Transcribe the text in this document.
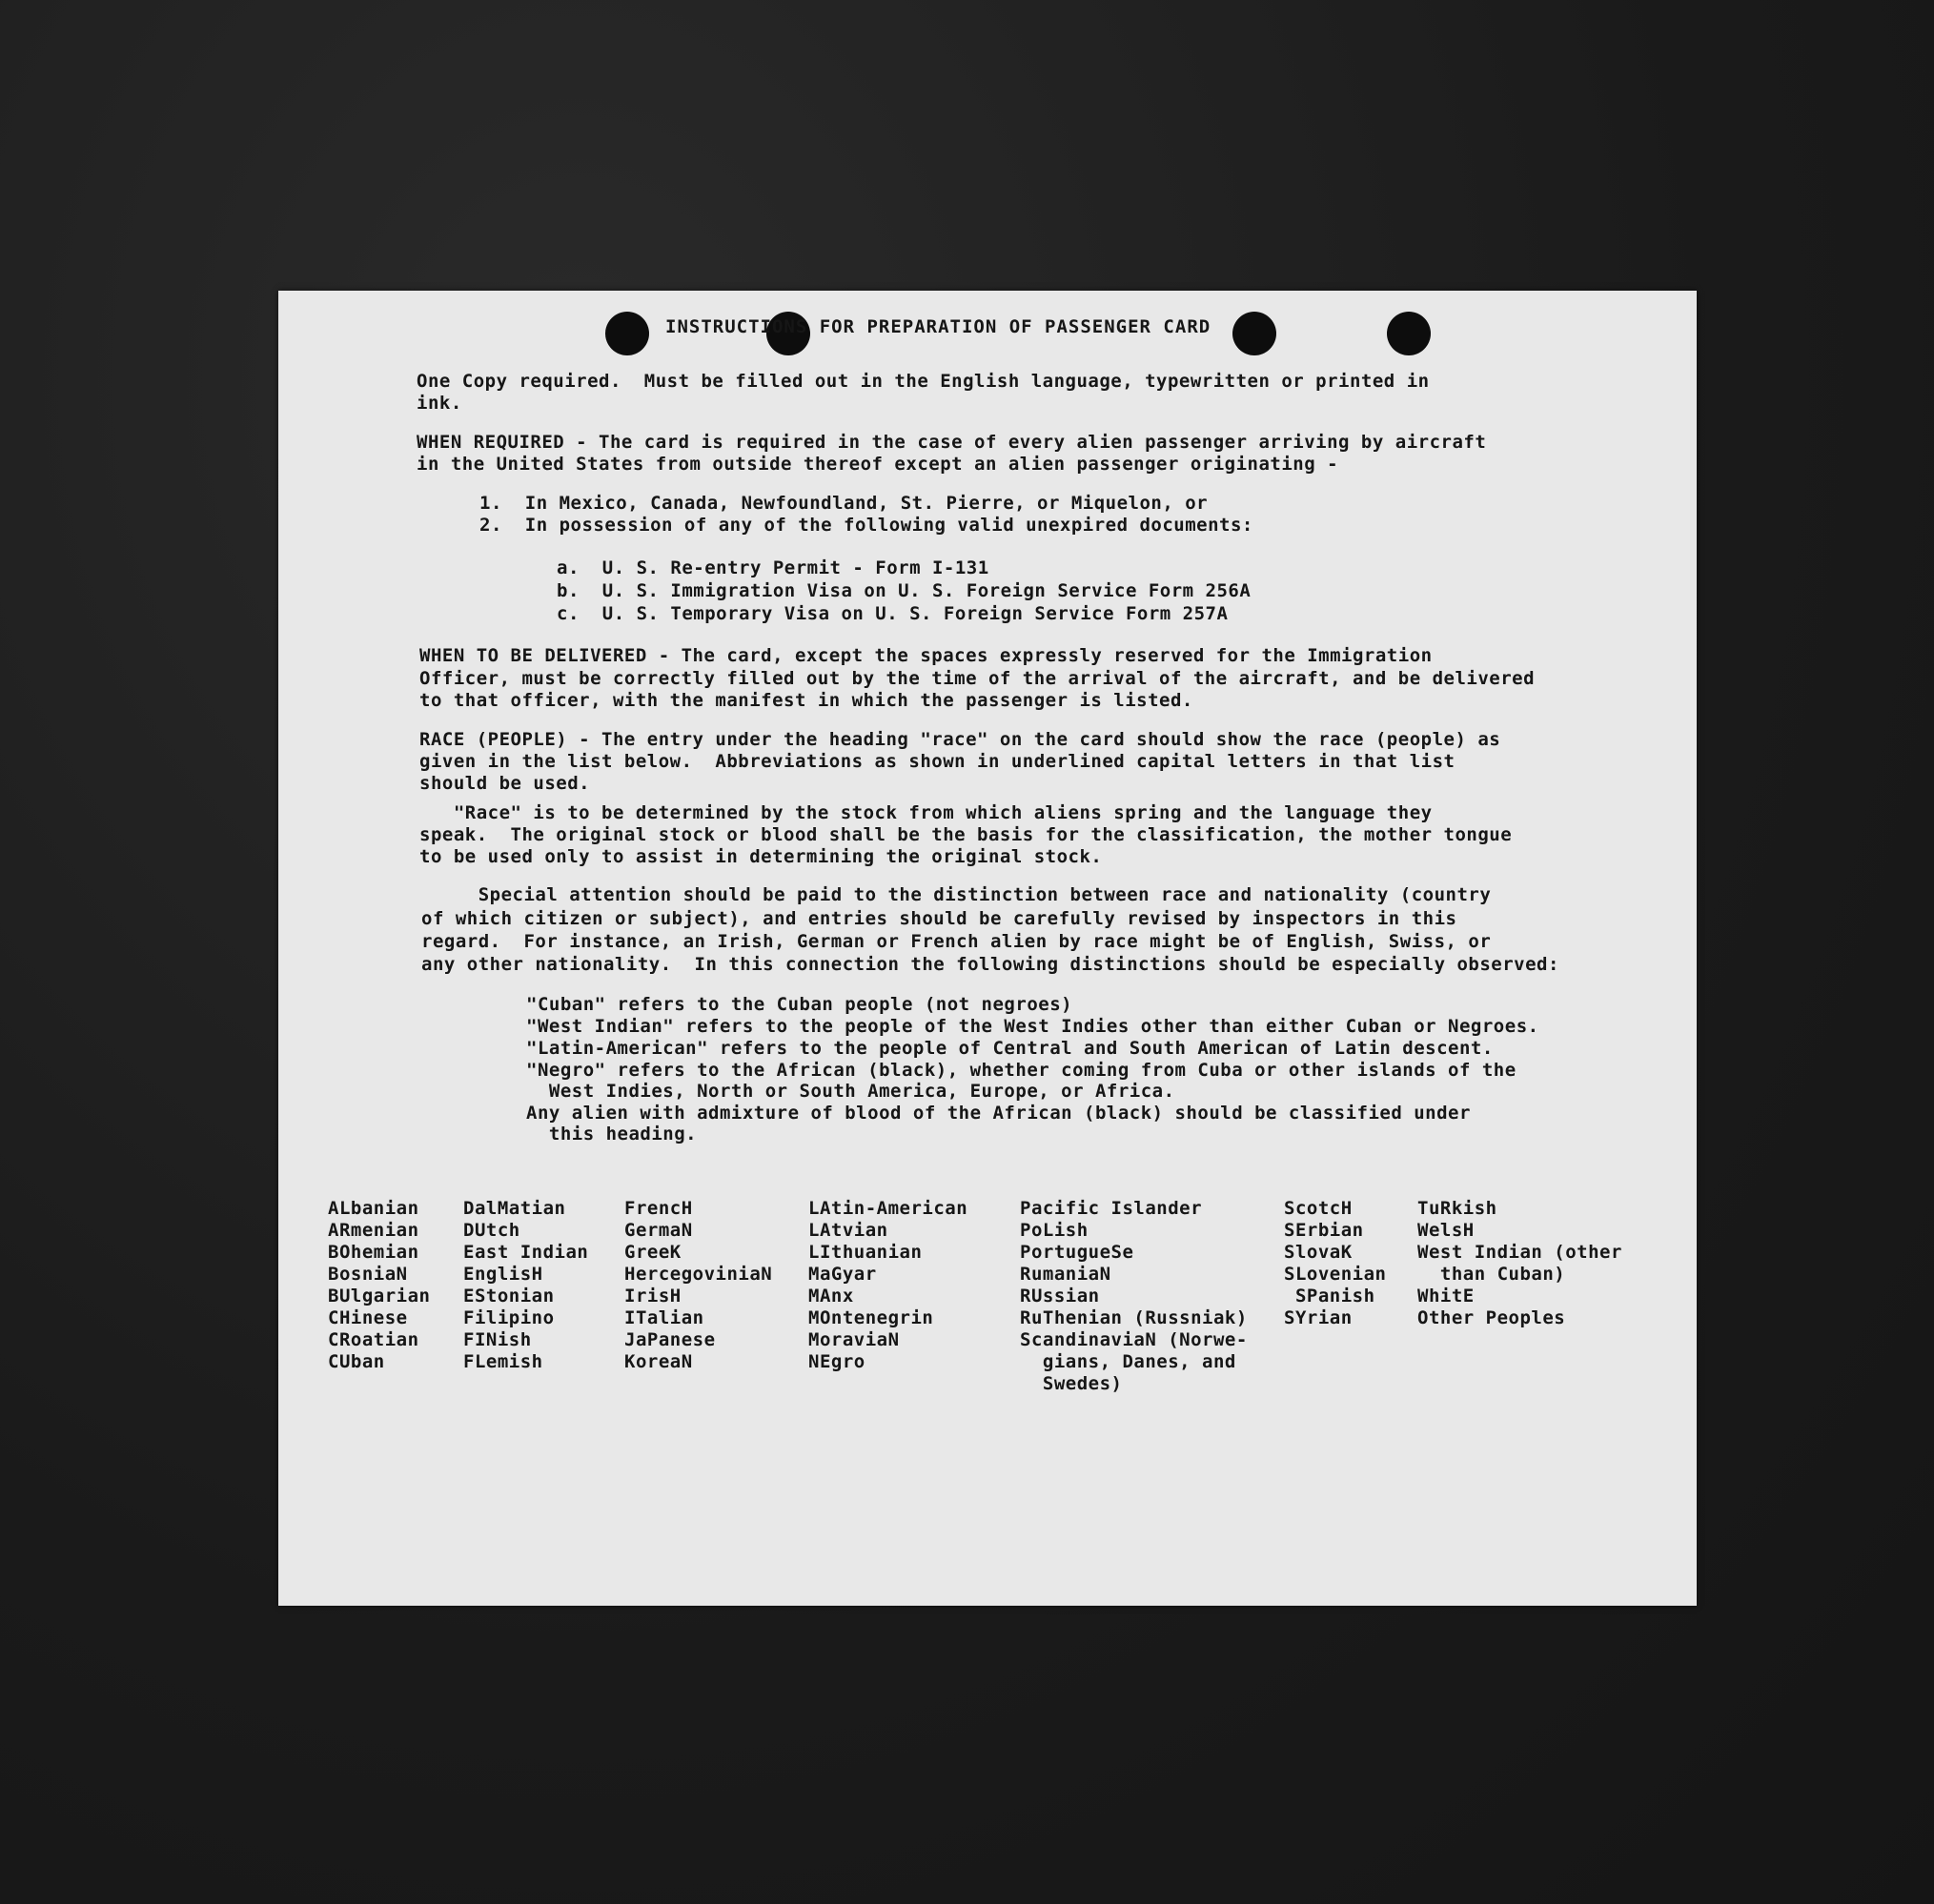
INSTRUCTIONS FOR PREPARATION OF PASSENGER CARD
One Copy required.  Must be filled out in the English language, typewritten or printed in
ink.
WHEN REQUIRED - The card is required in the case of every alien passenger arriving by aircraft
in the United States from outside thereof except an alien passenger originating -
1.  In Mexico, Canada, Newfoundland, St. Pierre, or Miquelon, or
2.  In possession of any of the following valid unexpired documents:
a.  U. S. Re-entry Permit - Form I-131
b.  U. S. Immigration Visa on U. S. Foreign Service Form 256A
c.  U. S. Temporary Visa on U. S. Foreign Service Form 257A
WHEN TO BE DELIVERED - The card, except the spaces expressly reserved for the Immigration
Officer, must be correctly filled out by the time of the arrival of the aircraft, and be delivered
to that officer, with the manifest in which the passenger is listed.
RACE (PEOPLE) - The entry under the heading "race" on the card should show the race (people) as
given in the list below.  Abbreviations as shown in underlined capital letters in that list
should be used.
"Race" is to be determined by the stock from which aliens spring and the language they
speak.  The original stock or blood shall be the basis for the classification, the mother tongue
to be used only to assist in determining the original stock.
Special attention should be paid to the distinction between race and nationality (country
of which citizen or subject), and entries should be carefully revised by inspectors in this
regard.  For instance, an Irish, German or French alien by race might be of English, Swiss, or
any other nationality.  In this connection the following distinctions should be especially observed:
"Cuban" refers to the Cuban people (not negroes)
"West Indian" refers to the people of the West Indies other than either Cuban or Negroes.
"Latin-American" refers to the people of Central and South American of Latin descent.
"Negro" refers to the African (black), whether coming from Cuba or other islands of the
West Indies, North or South America, Europe, or Africa.
Any alien with admixture of blood of the African (black) should be classified under
this heading.
ALbanian
ARmenian
BOhemian
BosniaN
BUlgarian
CHinese
CRoatian
CUban
DalMatian
DUtch
East Indian
EnglisH
EStonian
Filipino
FINish
FLemish
FrencH
GermaN
GreeK
HercegoviniaN
IrisH
ITalian
JaPanese
KoreaN
LAtin-American
LAtvian
LIthuanian
MaGyar
MAnx
MOntenegrin
MoraviaN
NEgro
Pacific Islander
PoLish
PortugueSe
RumaniaN
RUssian
RuThenian (Russniak)
ScandinaviaN (Norwe-
gians, Danes, and
Swedes)
ScotcH
SErbian
SlovaK
SLovenian
SPanish
SYrian
TuRkish
WelsH
West Indian (other
than Cuban)
WhitE
Other Peoples
